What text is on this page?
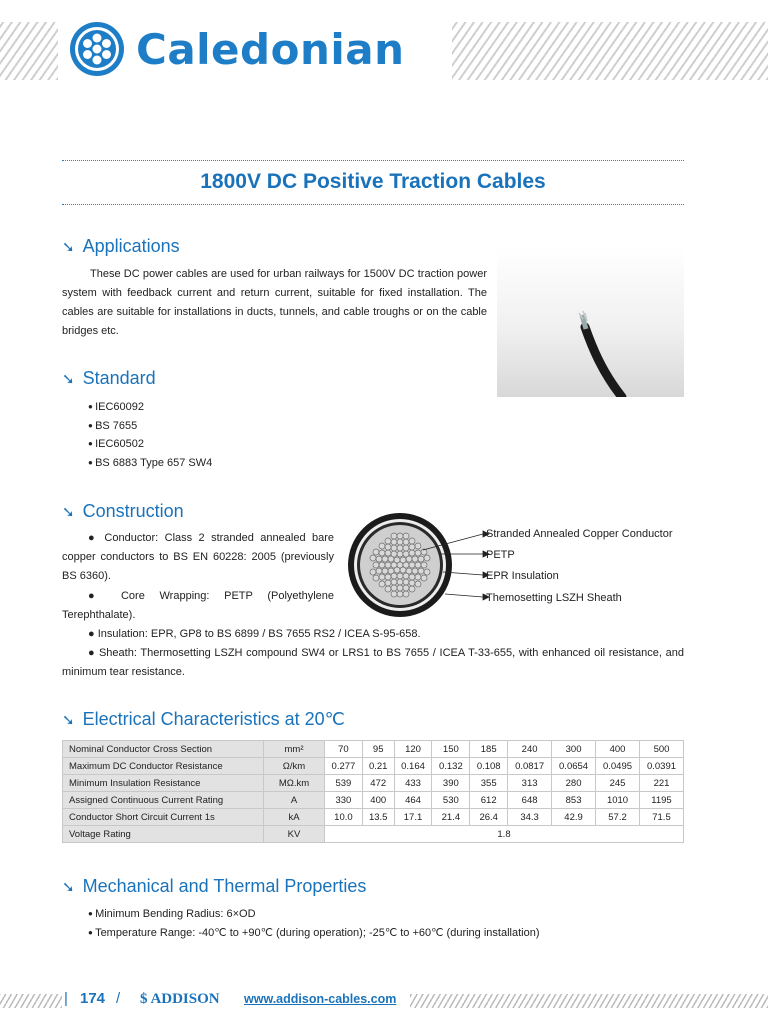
Caledonian
1800V DC Positive Traction Cables
➘ Applications
These DC power cables are used for urban railways for 1500V DC traction power system with feedback current and return current, suitable for fixed installation. The cables are suitable for installations in ducts, tunnels, and cable troughs or on the cable bridges etc.
➘ Standard
● IEC60092
● BS 7655
● IEC60502
● BS 6883 Type 657 SW4
➘ Construction
● Conductor: Class 2 stranded annealed bare copper conductors to BS EN 60228: 2005 (previously BS 6360).
● Core Wrapping: PETP (Polyethylene Terephthalate).
● Insulation: EPR, GP8 to BS 6899 / BS 7655 RS2 / ICEA S-95-658.
● Sheath: Thermosetting LSZH compound SW4 or LRS1 to BS 7655 / ICEA T-33-655, with enhanced oil resistance, and minimum tear resistance.
Stranded Annealed Copper Conductor
PETP
EPR Insulation
Themosetting LSZH Sheath
➘ Electrical Characteristics at 20℃
Nominal Conductor Cross Section	mm²	70	95	120	150	185	240	300	400	500
Maximum DC Conductor Resistance	Ω/km	0.277	0.21	0.164	0.132	0.108	0.0817	0.0654	0.0495	0.0391
Minimum Insulation Resistance	MΩ.km	539	472	433	390	355	313	280	245	221
Assigned Continuous Current Rating	A	330	400	464	530	612	648	853	1010	1195
Conductor Short Circuit Current 1s	kA	10.0	13.5	17.1	21.4	26.4	34.3	42.9	57.2	71.5
Voltage Rating	KV	1.8								
➘ Mechanical and Thermal Properties
● Minimum Bending Radius: 6×OD
● Temperature Range: -40℃ to +90℃ (during operation); -25℃ to +60℃ (during installation)
| 174 / $ ADDISON www.addison-cables.com
